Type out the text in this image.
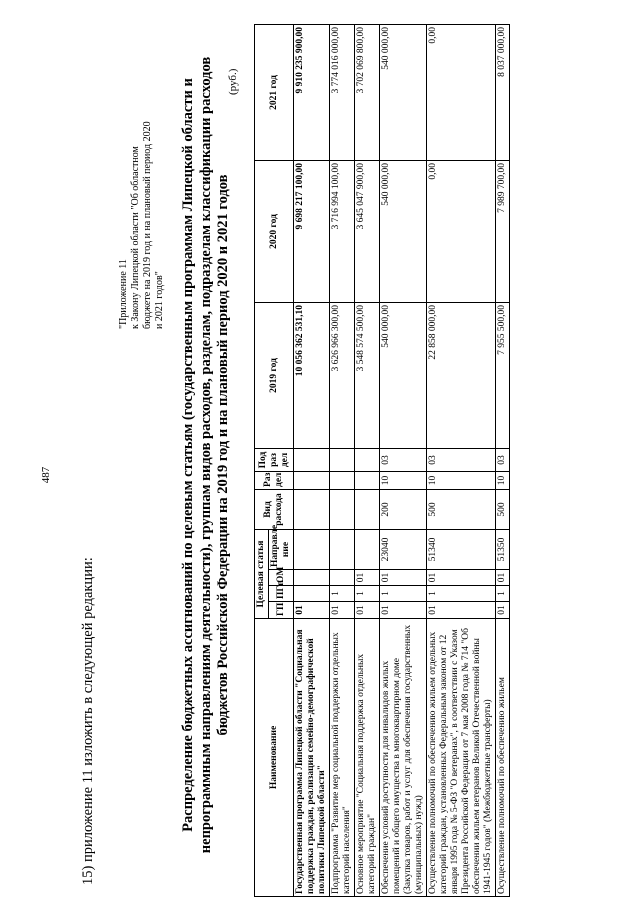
487
15) приложение 11 изложить в следующей редакции:
"Приложение 11 к Закону Липецкой области "Об областном бюджете на 2019 год и на плановый период 2020 и 2021 годов" Распределение бюджетных ассигнований по целевым статьям (государственным программам Липецкой области и непрограммным направлениям деятельности), группам видов расходов, разделам, подразделам классификации расходов бюджетов Российской Федерации на 2019 год и на плановый период 2020 и 2021 годов
(руб.)
Наименование	Целевая статья				Вид расхода	Раз дел	Под раз дел	2019 год	2020 год	2021 год
	ГП	ПГп	ОМ	Направле ние						
Государственная программа Липецкой области "Социальная поддержка граждан, реализация семейно-демографической политики Липецкой области"	01							10 056 362 531,10	9 698 217 100,00	9 910 235 900,00
Подпрограмма "Развитие мер социальной поддержки отдельных категорий населения"	01	1						3 626 966 300,00	3 716 994 100,00	3 774 016 000,00
Основное мероприятие "Социальная поддержка отдельных категорий граждан"	01	1	01					3 548 574 500,00	3 645 047 900,00	3 702 069 800,00
Обеспечение условий доступности для инвалидов жилых помещений и общего имущества в многоквартирном доме (Закупка товаров, работ и услуг для обеспечения государственных (муниципальных) нужд)	01	1	01	23040	200	10	03	540 000,00	540 000,00	540 000,00
Осуществление полномочий по обеспечению жильем отдельных категорий граждан, установленных Федеральным законом от 12 января 1995 года № 5-ФЗ "О ветеранах", в соответствии с Указом Президента Российской Федерации от 7 мая 2008 года № 714 "Об обеспечении жильем ветеранов Великой Отечественной войны 1941-1945 годов" (Межбюджетные трансферты)	01	1	01	51340	500	10	03	22 858 000,00	0,00	0,00
Осуществление полномочий по обеспечению жильем	01	1	01	51350	500	10	03	7 955 500,00	7 989 700,00	8 037 000,00
